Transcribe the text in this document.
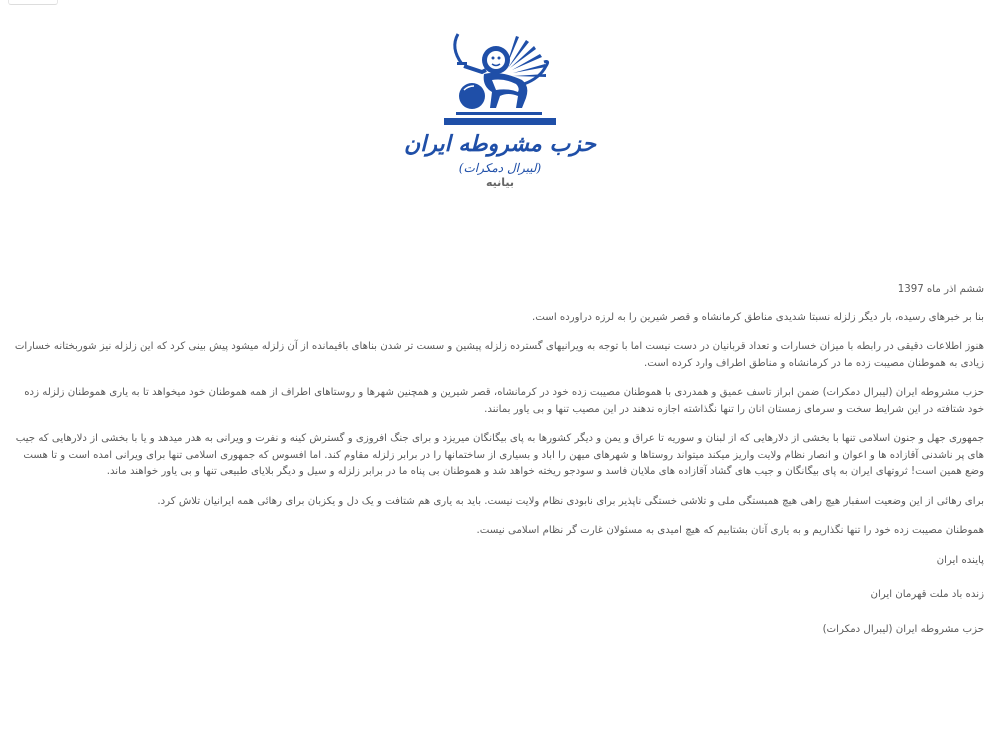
حزب مشروطه ایران
(لیبرال دمکرات)
بیانیه

ششم اذر ماه 1397

بنا بر خبرهای رسیده، بار دیگر زلزله نسبتا شدیدی مناطق کرمانشاه و قصر شیرین را به لرزه دراورده است.

هنوز اطلاعات دقیقی در رابطه با میزان خسارات و تعداد قربانیان در دست نیست اما با توجه به ویرانیهای گسترده زلزله پیشین و سست تر شدن بناهای باقیمانده از آن زلزله میشود پیش بینی کرد که این زلزله نیز شوربختانه خسارات زیادی به هموطنان مصیبت زده ما در کرمانشاه و مناطق اطراف وارد کرده است.

حزب مشروطه ایران (لیبرال دمکرات) ضمن ابراز تاسف عمیق و همدردی با هموطنان مصیبت زده خود در کرمانشاه، قصر شیرین و همچنین شهرها و روستاهای اطراف از همه هموطنان خود میخواهد تا به یاری هموطنان زلزله زده خود شتافته در این شرایط سخت و سرمای زمستان انان را تنها نگذاشته اجازه ندهند در این مصیب تنها و بی یاور بمانند.

جمهوری جهل و جنون اسلامی تنها با بخشی از دلارهایی که از لبنان و سوریه تا عراق و یمن و دیگر کشورها به پای بیگانگان میریزد و برای جنگ افروزی و گسترش کینه و نفرت و ویرانی به هدر میدهد و یا با بخشی از دلارهایی که جیب های پر ناشدنی آقازاده ها و اعوان و انصار نظام ولایت واریز میکند میتواند روستاها و شهرهای میهن را اباد و بسیاری از ساختمانها را در برابر زلزله مقاوم کند. اما افسوس که جمهوری اسلامی تنها برای ویرانی امده است و تا هست وضع همین است! ثروتهای ایران به پای بیگانگان و جیب های گشاد آقازاده های ملایان فاسد و سودجو ریخته خواهد شد و هموطنان بی پناه ما در برابر زلزله و سیل و دیگر بلایای طبیعی تنها و بی یاور خواهند ماند.

برای رهائی از این وضعیت اسفبار هیچ راهی هیچ همبستگی ملی و تلاشی خستگی ناپذیر برای نابودی نظام ولایت نیست. باید به یاری هم شتافت و یک دل و یکزبان برای رهائی همه ایرانیان تلاش کرد.

هموطنان مصیبت زده خود را تنها نگذاریم و به یاری آنان بشتابیم که هیچ امیدی به مسئولان غارت گر نظام اسلامی نیست.

پاینده ایران

زنده باد ملت قهرمان ایران

حزب مشروطه ایران (لیبرال دمکرات)
